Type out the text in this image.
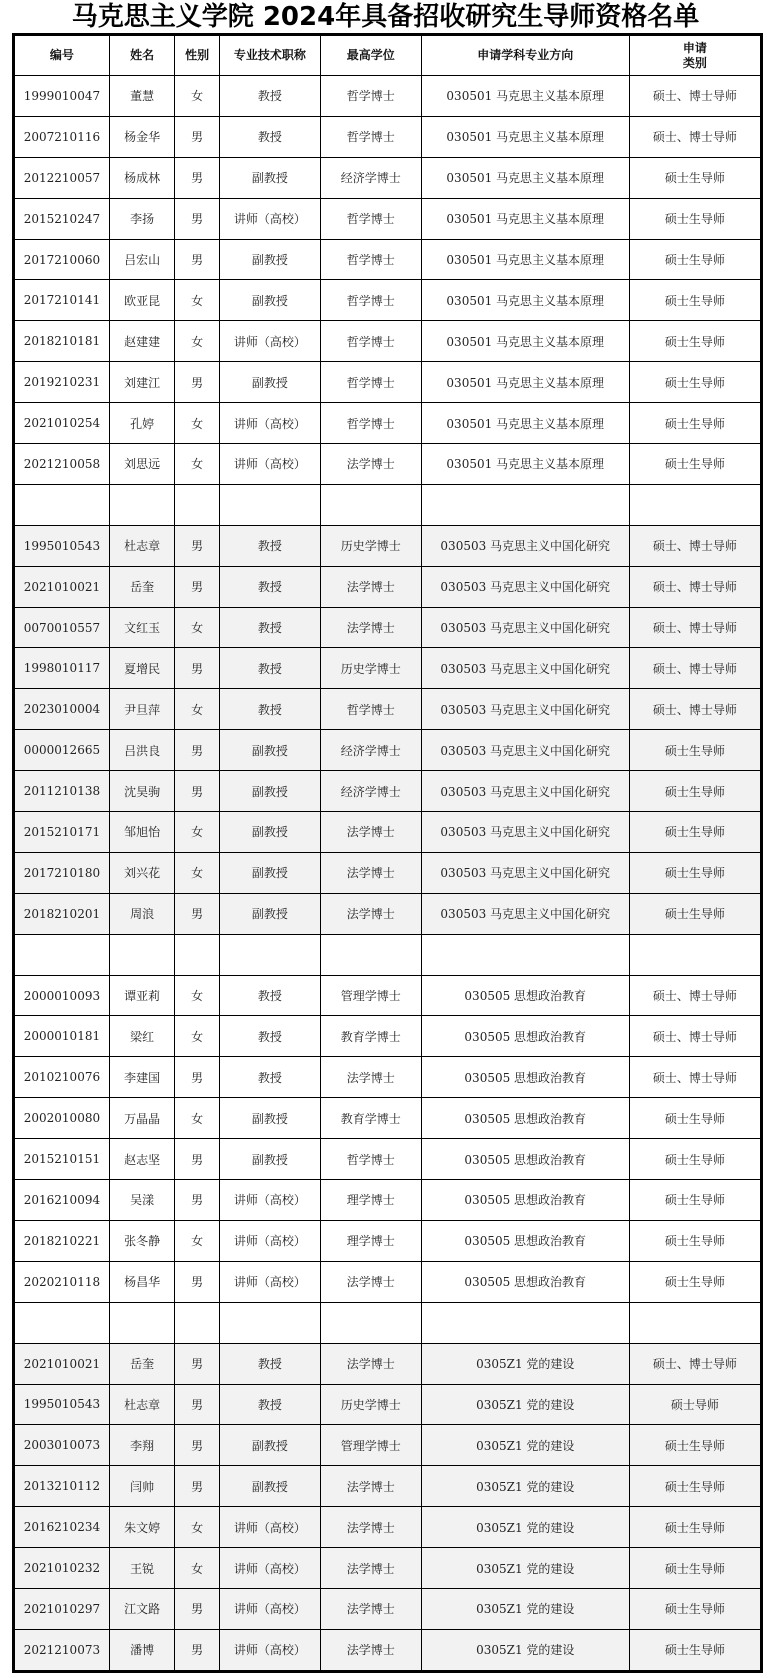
马克思主义学院 2024年具备招收研究生导师资格名单
编号	姓名	性别	专业技术职称	最高学位	申请学科专业方向	申请
类别
1999010047	董慧	女	教授	哲学博士	030501 马克思主义基本原理	硕士、博士导师
2007210116	杨金华	男	教授	哲学博士	030501 马克思主义基本原理	硕士、博士导师
2012210057	杨成林	男	副教授	经济学博士	030501 马克思主义基本原理	硕士生导师
2015210247	李扬	男	讲师（高校）	哲学博士	030501 马克思主义基本原理	硕士生导师
2017210060	吕宏山	男	副教授	哲学博士	030501 马克思主义基本原理	硕士生导师
2017210141	欧亚昆	女	副教授	哲学博士	030501 马克思主义基本原理	硕士生导师
2018210181	赵建建	女	讲师（高校）	哲学博士	030501 马克思主义基本原理	硕士生导师
2019210231	刘建江	男	副教授	哲学博士	030501 马克思主义基本原理	硕士生导师
2021010254	孔婷	女	讲师（高校）	哲学博士	030501 马克思主义基本原理	硕士生导师
2021210058	刘思远	女	讲师（高校）	法学博士	030501 马克思主义基本原理	硕士生导师

1995010543	杜志章	男	教授	历史学博士	030503 马克思主义中国化研究	硕士、博士导师
2021010021	岳奎	男	教授	法学博士	030503 马克思主义中国化研究	硕士、博士导师
0070010557	文红玉	女	教授	法学博士	030503 马克思主义中国化研究	硕士、博士导师
1998010117	夏增民	男	教授	历史学博士	030503 马克思主义中国化研究	硕士、博士导师
2023010004	尹旦萍	女	教授	哲学博士	030503 马克思主义中国化研究	硕士、博士导师
0000012665	吕洪良	男	副教授	经济学博士	030503 马克思主义中国化研究	硕士生导师
2011210138	沈昊驹	男	副教授	经济学博士	030503 马克思主义中国化研究	硕士生导师
2015210171	邹旭怡	女	副教授	法学博士	030503 马克思主义中国化研究	硕士生导师
2017210180	刘兴花	女	副教授	法学博士	030503 马克思主义中国化研究	硕士生导师
2018210201	周浪	男	副教授	法学博士	030503 马克思主义中国化研究	硕士生导师

2000010093	谭亚莉	女	教授	管理学博士	030505 思想政治教育	硕士、博士导师
2000010181	梁红	女	教授	教育学博士	030505 思想政治教育	硕士、博士导师
2010210076	李建国	男	教授	法学博士	030505 思想政治教育	硕士、博士导师
2002010080	万晶晶	女	副教授	教育学博士	030505 思想政治教育	硕士生导师
2015210151	赵志坚	男	副教授	哲学博士	030505 思想政治教育	硕士生导师
2016210094	吴漾	男	讲师（高校）	理学博士	030505 思想政治教育	硕士生导师
2018210221	张冬静	女	讲师（高校）	理学博士	030505 思想政治教育	硕士生导师
2020210118	杨昌华	男	讲师（高校）	法学博士	030505 思想政治教育	硕士生导师

2021010021	岳奎	男	教授	法学博士	0305Z1 党的建设	硕士、博士导师
1995010543	杜志章	男	教授	历史学博士	0305Z1 党的建设	硕士导师
2003010073	李翔	男	副教授	管理学博士	0305Z1 党的建设	硕士生导师
2013210112	闫帅	男	副教授	法学博士	0305Z1 党的建设	硕士生导师
2016210234	朱文婷	女	讲师（高校）	法学博士	0305Z1 党的建设	硕士生导师
2021010232	王锐	女	讲师（高校）	法学博士	0305Z1 党的建设	硕士生导师
2021010297	江文路	男	讲师（高校）	法学博士	0305Z1 党的建设	硕士生导师
2021210073	潘博	男	讲师（高校）	法学博士	0305Z1 党的建设	硕士生导师
